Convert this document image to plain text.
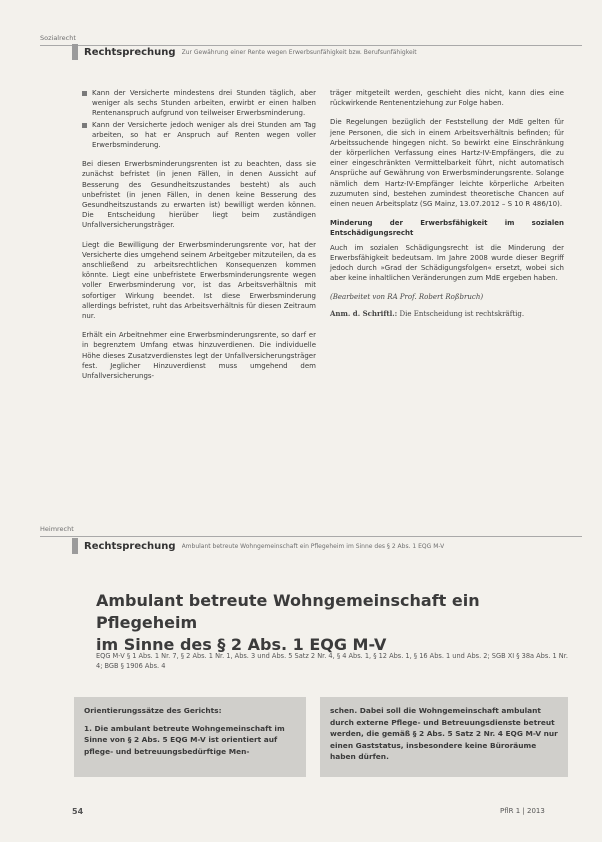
Sozialrecht
Rechtsprechung Zur Gewährung einer Rente wegen Erwerbsunfähigkeit bzw. Berufsunfähigkeit
Kann der Versicherte mindestens drei Stunden täglich, aber weniger als sechs Stunden arbeiten, erwirbt er einen halben Rentenanspruch aufgrund von teilweiser Erwerbsminderung.
Kann der Versicherte jedoch weniger als drei Stunden am Tag arbeiten, so hat er Anspruch auf Renten wegen voller Erwerbsminderung.

Bei diesen Erwerbsminderungsrenten ist zu beachten, dass sie zunächst befristet (in jenen Fällen, in denen Aussicht auf Besserung des Gesundheitszustandes besteht) als auch unbefristet (in jenen Fällen, in denen keine Besserung des Gesundheitszustands zu erwarten ist) bewilligt werden können. Die Entscheidung hierüber liegt beim zuständigen Unfallversicherungsträger.

Liegt die Bewilligung der Erwerbsminderungsrente vor, hat der Versicherte dies umgehend seinem Arbeitgeber mitzuteilen, da es anschließend zu arbeitsrechtlichen Konsequenzen kommen könnte. Liegt eine unbefristete Erwerbsminderungsrente wegen voller Erwerbsminderung vor, ist das Arbeitsverhältnis mit sofortiger Wirkung beendet. Ist diese Erwerbsminderung allerdings befristet, ruht das Arbeitsverhältnis für diesen Zeitraum nur.

Erhält ein Arbeitnehmer eine Erwerbsminderungsrente, so darf er in begrenztem Umfang etwas hinzuverdienen. Die individuelle Höhe dieses Zusatzverdienstes legt der Unfallversicherungsträger fest. Jeglicher Hinzuverdienst muss umgehend dem Unfallversicherungs-

träger mitgeteilt werden, geschieht dies nicht, kann dies eine rückwirkende Rentenentziehung zur Folge haben.

Die Regelungen bezüglich der Feststellung der MdE gelten für jene Personen, die sich in einem Arbeitsverhältnis befinden; für Arbeitssuchende hingegen nicht. So bewirkt eine Einschränkung der körperlichen Verfassung eines Hartz-IV-Empfängers, die zu einer eingeschränkten Vermittelbarkeit führt, nicht automatisch Ansprüche auf Gewährung von Erwerbsminderungsrente. Solange nämlich dem Hartz-IV-Empfänger leichte körperliche Arbeiten zuzumuten sind, bestehen zumindest theoretische Chancen auf einen neuen Arbeitsplatz (SG Mainz, 13.07.2012 – S 10 R 486/10).

Minderung der Erwerbsfähigkeit im sozialen Entschädigungsrecht

Auch im sozialen Schädigungsrecht ist die Minderung der Erwerbsfähigkeit bedeutsam. Im Jahre 2008 wurde dieser Begriff jedoch durch »Grad der Schädigungsfolgen« ersetzt, wobei sich aber keine inhaltlichen Veränderungen zum MdE ergeben haben.

(Bearbeitet von RA Prof. Robert Roßbruch)
Anm. d. Schriftl.: Die Entscheidung ist rechtskräftig.
Heimrecht
Rechtsprechung Ambulant betreute Wohngemeinschaft ein Pflegeheim im Sinne des § 2 Abs. 1 EQG M-V
Ambulant betreute Wohngemeinschaft ein Pflegeheim
im Sinne des § 2 Abs. 1 EQG M-V
EQG M-V § 1 Abs. 1 Nr. 7, § 2 Abs. 1 Nr. 1, Abs. 3 und Abs. 5 Satz 2 Nr. 4, § 4 Abs. 1, § 12 Abs. 1, § 16 Abs. 1 und Abs. 2; SGB XI § 38a Abs. 1 Nr. 4; BGB § 1906 Abs. 4

Orientierungssätze des Gerichts:

1. Die ambulant betreute Wohngemeinschaft im Sinne von § 2 Abs. 5 EQG M-V ist orientiert auf pflege- und betreuungsbedürftige Men-

schen. Dabei soll die Wohngemeinschaft ambulant durch externe Pflege- und Betreuungsdienste betreut werden, die gemäß § 2 Abs. 5 Satz 2 Nr. 4 EQG M-V nur einen Gaststatus, insbesondere keine Büroräume haben dürfen.

54	PflR 1 | 2013
